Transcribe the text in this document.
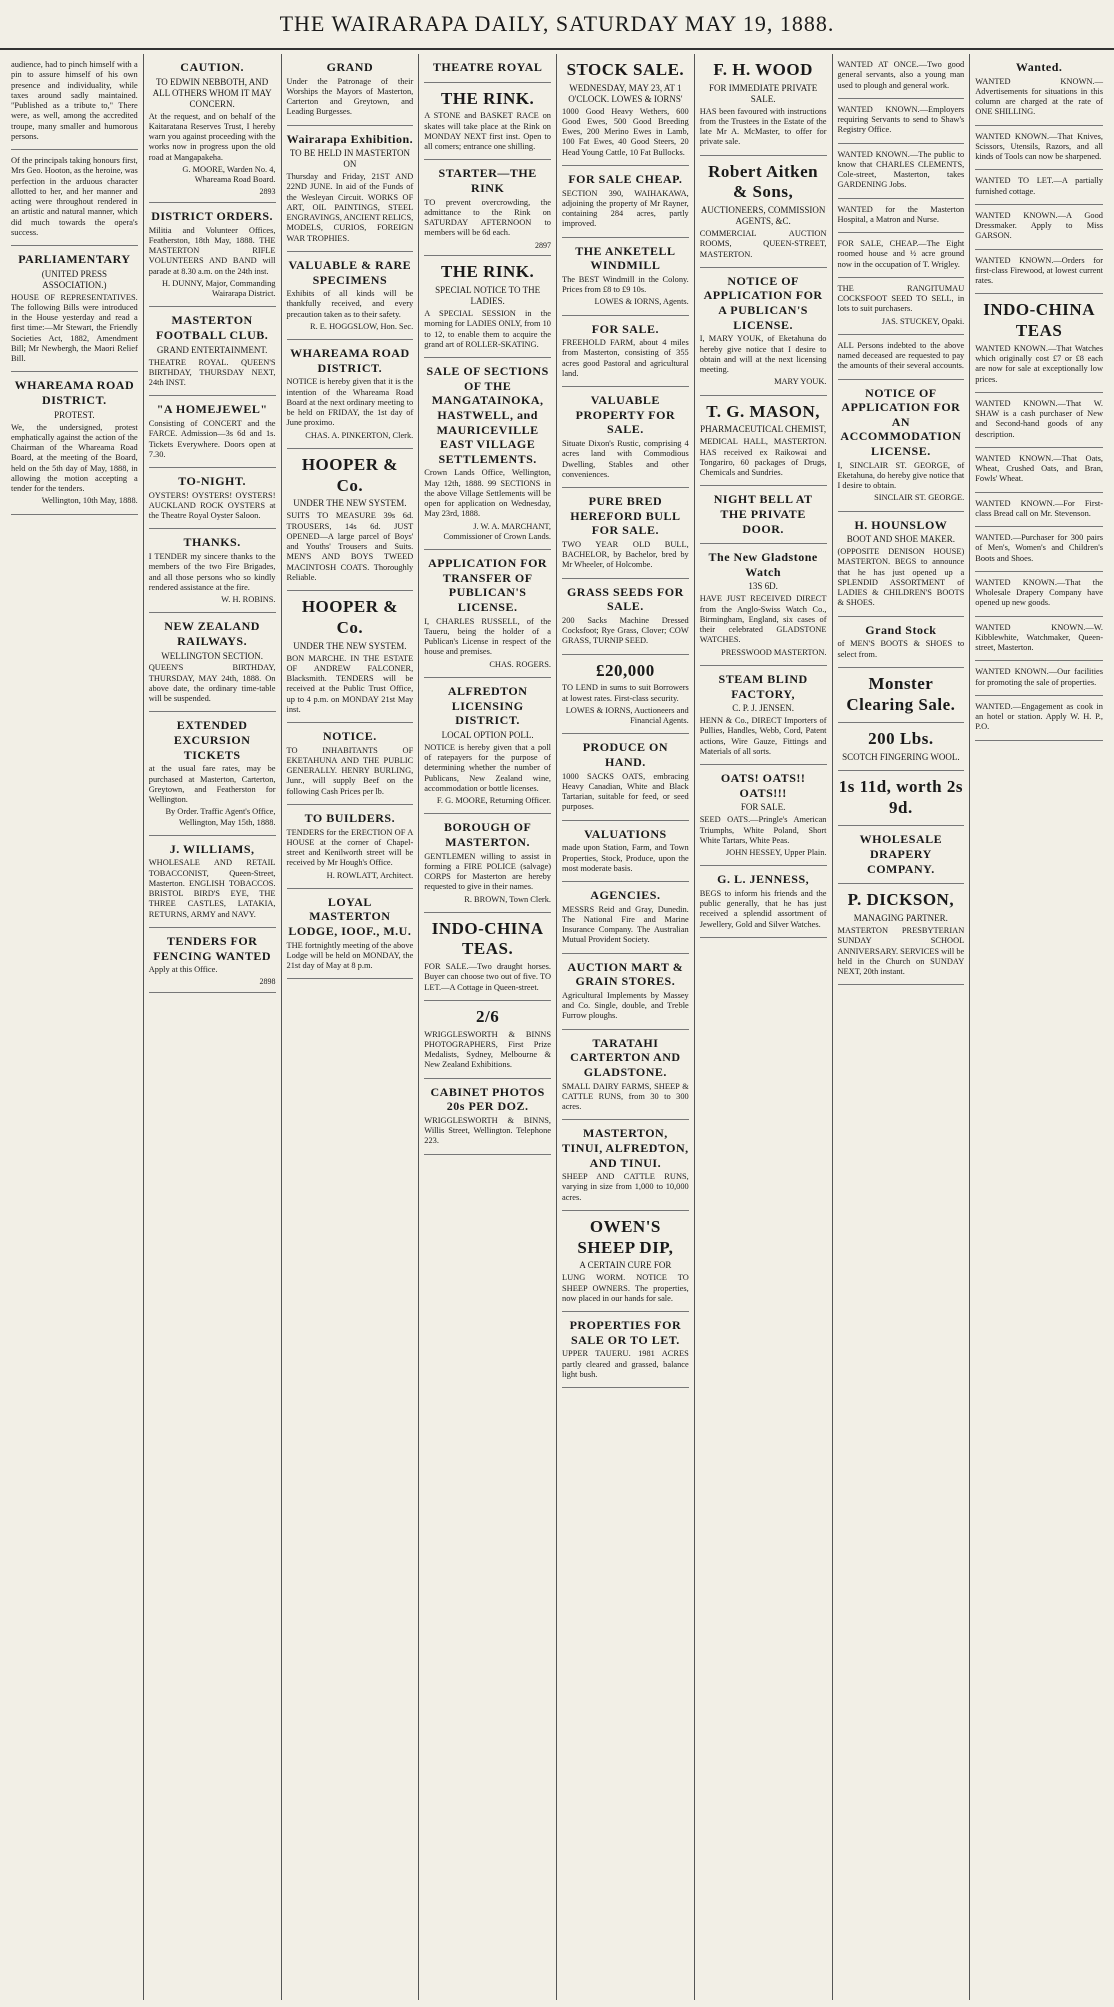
THE WAIRARAPA DAILY, SATURDAY MAY 19, 1888.

audience, had to pinch himself with a pin to assure himself of his own presence and individuality, while taxes around sadly maintained. "Published as a tribute to," There were, as well, among the accredited troupe, many smaller and humorous persons.

Of the principals taking honours first, Mrs Geo. Hooton, as the heroine, was perfection in the arduous character allotted to her, and her manner and acting were throughout rendered in an artistic and natural manner, which did much towards the opera's success.

PARLIAMENTARY
(UNITED PRESS ASSOCIATION.)

HOUSE OF REPRESENTATIVES. The following Bills were introduced in the House yesterday and read a first time:—Mr Stewart, the Friendly Societies Act, 1882, Amendment Bill; Mr Newbergh, the Maori Relief Bill.

WHAREAMA ROAD DISTRICT.
PROTEST.

We, the undersigned, protest emphatically against the action of the Chairman of the Whareama Road Board, at the meeting of the Board, held on the 5th day of May, 1888, in allowing the motion accepting a tender for the tenders.

Wellington, 10th May, 1888.

CAUTION.
TO EDWIN NEBBOTH, AND ALL OTHERS WHOM IT MAY CONCERN.

At the request, and on behalf of the Kaitaratana Reserves Trust, I hereby warn you against proceeding with the works now in progress upon the old road at Mangapakeha.

G. MOORE, Warden No. 4, Whareama Road Board.

2893
DISTRICT ORDERS.

Militia and Volunteer Offices, Featherston, 18th May, 1888. THE MASTERTON RIFLE VOLUNTEERS AND BAND will parade at 8.30 a.m. on the 24th inst.

H. DUNNY, Major, Commanding Wairarapa District.

MASTERTON FOOTBALL CLUB.
GRAND ENTERTAINMENT.

THEATRE ROYAL. QUEEN'S BIRTHDAY, THURSDAY NEXT, 24th INST.

"A HOMEJEWEL"

Consisting of CONCERT and the FARCE. Admission—3s 6d and 1s. Tickets Everywhere. Doors open at 7.30.

TO-NIGHT.

OYSTERS! OYSTERS! OYSTERS! AUCKLAND ROCK OYSTERS at the Theatre Royal Oyster Saloon.

THANKS.

I TENDER my sincere thanks to the members of the two Fire Brigades, and all those persons who so kindly rendered assistance at the fire.

W. H. ROBINS.

NEW ZEALAND RAILWAYS.
WELLINGTON SECTION.

QUEEN'S BIRTHDAY, THURSDAY, MAY 24th, 1888. On above date, the ordinary time-table will be suspended.

EXTENDED EXCURSION TICKETS

at the usual fare rates, may be purchased at Masterton, Carterton, Greytown, and Featherston for Wellington.

By Order. Traffic Agent's Office, Wellington, May 15th, 1888.

J. WILLIAMS,

WHOLESALE AND RETAIL TOBACCONIST, Queen-Street, Masterton. ENGLISH TOBACCOS. BRISTOL BIRD'S EYE, THE THREE CASTLES, LATAKIA, RETURNS, ARMY and NAVY.

TENDERS FOR FENCING WANTED

Apply at this Office.

2898
GRAND

Under the Patronage of their Worships the Mayors of Masterton, Carterton and Greytown, and Leading Burgesses.

Wairarapa Exhibition.
TO BE HELD IN MASTERTON ON

Thursday and Friday, 21ST AND 22ND JUNE. In aid of the Funds of the Wesleyan Circuit. WORKS OF ART, OIL PAINTINGS, STEEL ENGRAVINGS, ANCIENT RELICS, MODELS, CURIOS, FOREIGN WAR TROPHIES.

VALUABLE & RARE SPECIMENS

Exhibits of all kinds will be thankfully received, and every precaution taken as to their safety.

R. E. HOGGSLOW, Hon. Sec.

WHAREAMA ROAD DISTRICT.

NOTICE is hereby given that it is the intention of the Whareama Road Board at the next ordinary meeting to be held on FRIDAY, the 1st day of June proximo.

CHAS. A. PINKERTON, Clerk.

HOOPER & Co.
UNDER THE NEW SYSTEM.

SUITS TO MEASURE 39s 6d. TROUSERS, 14s 6d. JUST OPENED—A large parcel of Boys' and Youths' Trousers and Suits. MEN'S AND BOYS TWEED MACINTOSH COATS. Thoroughly Reliable.

HOOPER & Co.
UNDER THE NEW SYSTEM.

BON MARCHE. IN THE ESTATE OF ANDREW FALCONER, Blacksmith. TENDERS will be received at the Public Trust Office, up to 4 p.m. on MONDAY 21st May inst.

NOTICE.

TO INHABITANTS OF EKETAHUNA AND THE PUBLIC GENERALLY. HENRY BURLING, Junr., will supply Beef on the following Cash Prices per lb.

TO BUILDERS.

TENDERS for the ERECTION OF A HOUSE at the corner of Chapel-street and Kenilworth street will be received by Mr Hough's Office.

H. ROWLATT, Architect.

LOYAL MASTERTON LODGE, IOOF., M.U.

THE fortnightly meeting of the above Lodge will be held on MONDAY, the 21st day of May at 8 p.m.

THEATRE ROYAL
THE RINK.

A STONE and BASKET RACE on skates will take place at the Rink on MONDAY NEXT first inst. Open to all comers; entrance one shilling.

STARTER—THE RINK

TO prevent overcrowding, the admittance to the Rink on SATURDAY AFTERNOON to members will be 6d each.

2897
THE RINK.
SPECIAL NOTICE TO THE LADIES.

A SPECIAL SESSION in the morning for LADIES ONLY, from 10 to 12, to enable them to acquire the grand art of ROLLER-SKATING.

SALE OF SECTIONS OF THE MANGATAINOKA, HASTWELL, and MAURICEVILLE EAST VILLAGE SETTLEMENTS.

Crown Lands Office, Wellington, May 12th, 1888. 99 SECTIONS in the above Village Settlements will be open for application on Wednesday, May 23rd, 1888.

J. W. A. MARCHANT, Commissioner of Crown Lands.

APPLICATION FOR TRANSFER OF PUBLICAN'S LICENSE.

I, CHARLES RUSSELL, of the Taueru, being the holder of a Publican's License in respect of the house and premises.

CHAS. ROGERS.

ALFREDTON LICENSING DISTRICT.
LOCAL OPTION POLL.

NOTICE is hereby given that a poll of ratepayers for the purpose of determining whether the number of Publicans, New Zealand wine, accommodation or bottle licenses.

F. G. MOORE, Returning Officer.

BOROUGH OF MASTERTON.

GENTLEMEN willing to assist in forming a FIRE POLICE (salvage) CORPS for Masterton are hereby requested to give in their names.

R. BROWN, Town Clerk.

INDO-CHINA TEAS.

FOR SALE.—Two draught horses. Buyer can choose two out of five. TO LET.—A Cottage in Queen-street.

2/6

WRIGGLESWORTH & BINNS PHOTOGRAPHERS, First Prize Medalists, Sydney, Melbourne & New Zealand Exhibitions.

CABINET PHOTOS 20s PER DOZ.

WRIGGLESWORTH & BINNS, Willis Street, Wellington. Telephone 223.

STOCK SALE.
WEDNESDAY, MAY 23, AT 1 O'CLOCK. LOWES & IORNS'

1000 Good Heavy Wethers, 600 Good Ewes, 500 Good Breeding Ewes, 200 Merino Ewes in Lamb, 100 Fat Ewes, 40 Good Steers, 20 Head Young Cattle, 10 Fat Bullocks.

FOR SALE CHEAP.

SECTION 390, WAIHAKAWA, adjoining the property of Mr Rayner, containing 284 acres, partly improved.

THE ANKETELL WINDMILL

The BEST Windmill in the Colony. Prices from £8 to £9 10s.

LOWES & IORNS, Agents.

FOR SALE.

FREEHOLD FARM, about 4 miles from Masterton, consisting of 355 acres good Pastoral and agricultural land.

VALUABLE PROPERTY FOR SALE.

Situate Dixon's Rustic, comprising 4 acres land with Commodious Dwelling, Stables and other conveniences.

PURE BRED HEREFORD BULL FOR SALE.

TWO YEAR OLD BULL, BACHELOR, by Bachelor, bred by Mr Wheeler, of Holcombe.

GRASS SEEDS FOR SALE.

200 Sacks Machine Dressed Cocksfoot; Rye Grass, Clover; COW GRASS, TURNIP SEED.

£20,000

TO LEND in sums to suit Borrowers at lowest rates. First-class security.

LOWES & IORNS, Auctioneers and Financial Agents.

PRODUCE ON HAND.

1000 SACKS OATS, embracing Heavy Canadian, White and Black Tartarian, suitable for feed, or seed purposes.

VALUATIONS

made upon Station, Farm, and Town Properties, Stock, Produce, upon the most moderate basis.

AGENCIES.

MESSRS Reid and Gray, Dunedin. The National Fire and Marine Insurance Company. The Australian Mutual Provident Society.

AUCTION MART & GRAIN STORES.

Agricultural Implements by Massey and Co. Single, double, and Treble Furrow ploughs.

TARATAHI CARTERTON AND GLADSTONE.

SMALL DAIRY FARMS, SHEEP & CATTLE RUNS, from 30 to 300 acres.

MASTERTON, TINUI, ALFREDTON, AND TINUI.

SHEEP AND CATTLE RUNS, varying in size from 1,000 to 10,000 acres.

OWEN'S SHEEP DIP,
A CERTAIN CURE FOR

LUNG WORM. NOTICE TO SHEEP OWNERS. The properties, now placed in our hands for sale.

PROPERTIES FOR SALE OR TO LET.

UPPER TAUERU. 1981 ACRES partly cleared and grassed, balance light bush.

F. H. WOOD
FOR IMMEDIATE PRIVATE SALE.

HAS been favoured with instructions from the Trustees in the Estate of the late Mr A. McMaster, to offer for private sale.

Robert Aitken & Sons,
AUCTIONEERS, COMMISSION AGENTS, &C.

COMMERCIAL AUCTION ROOMS, QUEEN-STREET, MASTERTON.

NOTICE OF APPLICATION FOR A PUBLICAN'S LICENSE.

I, MARY YOUK, of Eketahuna do hereby give notice that I desire to obtain and will at the next licensing meeting.

MARY YOUK.

T. G. MASON,
PHARMACEUTICAL CHEMIST,

MEDICAL HALL, MASTERTON. HAS received ex Raikowai and Tongariro, 60 packages of Drugs, Chemicals and Sundries.

NIGHT BELL AT THE PRIVATE DOOR.
The New Gladstone Watch
13S 6D.

HAVE JUST RECEIVED DIRECT from the Anglo-Swiss Watch Co., Birmingham, England, six cases of their celebrated GLADSTONE WATCHES.

PRESSWOOD MASTERTON.

STEAM BLIND FACTORY,
C. P. J. JENSEN.

HENN & Co., DIRECT Importers of Pullies, Handles, Webb, Cord, Patent actions, Wire Gauze, Fittings and Materials of all sorts.

OATS! OATS!! OATS!!!
FOR SALE.

SEED OATS.—Pringle's American Triumphs, White Poland, Short White Tartars, White Peas.

JOHN HESSEY, Upper Plain.

G. L. JENNESS,

BEGS to inform his friends and the public generally, that he has just received a splendid assortment of Jewellery, Gold and Silver Watches.

WANTED AT ONCE.—Two good general servants, also a young man used to plough and general work.

WANTED KNOWN.—Employers requiring Servants to send to Shaw's Registry Office.

WANTED KNOWN.—The public to know that CHARLES CLEMENTS, Cole-street, Masterton, takes GARDENING Jobs.

WANTED for the Masterton Hospital, a Matron and Nurse.

FOR SALE, CHEAP.—The Eight roomed house and ½ acre ground now in the occupation of T. Wrigley.

THE RANGITUMAU COCKSFOOT SEED TO SELL, in lots to suit purchasers.

JAS. STUCKEY, Opaki.

ALL Persons indebted to the above named deceased are requested to pay the amounts of their several accounts.

NOTICE OF APPLICATION FOR AN ACCOMMODATION LICENSE.

I, SINCLAIR ST. GEORGE, of Eketahuna, do hereby give notice that I desire to obtain.

SINCLAIR ST. GEORGE.

H. HOUNSLOW
BOOT AND SHOE MAKER.

(OPPOSITE DENISON HOUSE) MASTERTON. BEGS to announce that he has just opened up a SPLENDID ASSORTMENT of LADIES & CHILDREN'S BOOTS & SHOES.

Grand Stock

of MEN'S BOOTS & SHOES to select from.

Monster Clearing Sale.
200 Lbs.
SCOTCH FINGERING WOOL.
1s 11d, worth 2s 9d.
WHOLESALE DRAPERY COMPANY.
P. DICKSON,
MANAGING PARTNER.

MASTERTON PRESBYTERIAN SUNDAY SCHOOL ANNIVERSARY. SERVICES will be held in the Church on SUNDAY NEXT, 20th instant.

Wanted.

WANTED KNOWN.—Advertisements for situations in this column are charged at the rate of ONE SHILLING.

WANTED KNOWN.—That Knives, Scissors, Utensils, Razors, and all kinds of Tools can now be sharpened.

WANTED TO LET.—A partially furnished cottage.

WANTED KNOWN.—A Good Dressmaker. Apply to Miss GARSON.

WANTED KNOWN.—Orders for first-class Firewood, at lowest current rates.

INDO-CHINA TEAS

WANTED KNOWN.—That Watches which originally cost £7 or £8 each are now for sale at exceptionally low prices.

WANTED KNOWN.—That W. SHAW is a cash purchaser of New and Second-hand goods of any description.

WANTED KNOWN.—That Oats, Wheat, Crushed Oats, and Bran, Fowls' Wheat.

WANTED KNOWN.—For First-class Bread call on Mr. Stevenson.

WANTED.—Purchaser for 300 pairs of Men's, Women's and Children's Boots and Shoes.

WANTED KNOWN.—That the Wholesale Drapery Company have opened up new goods.

WANTED KNOWN.—W. Kibblewhite, Watchmaker, Queen-street, Masterton.

WANTED KNOWN.—Our facilities for promoting the sale of properties.

WANTED.—Engagement as cook in an hotel or station. Apply W. H. P., P.O.
